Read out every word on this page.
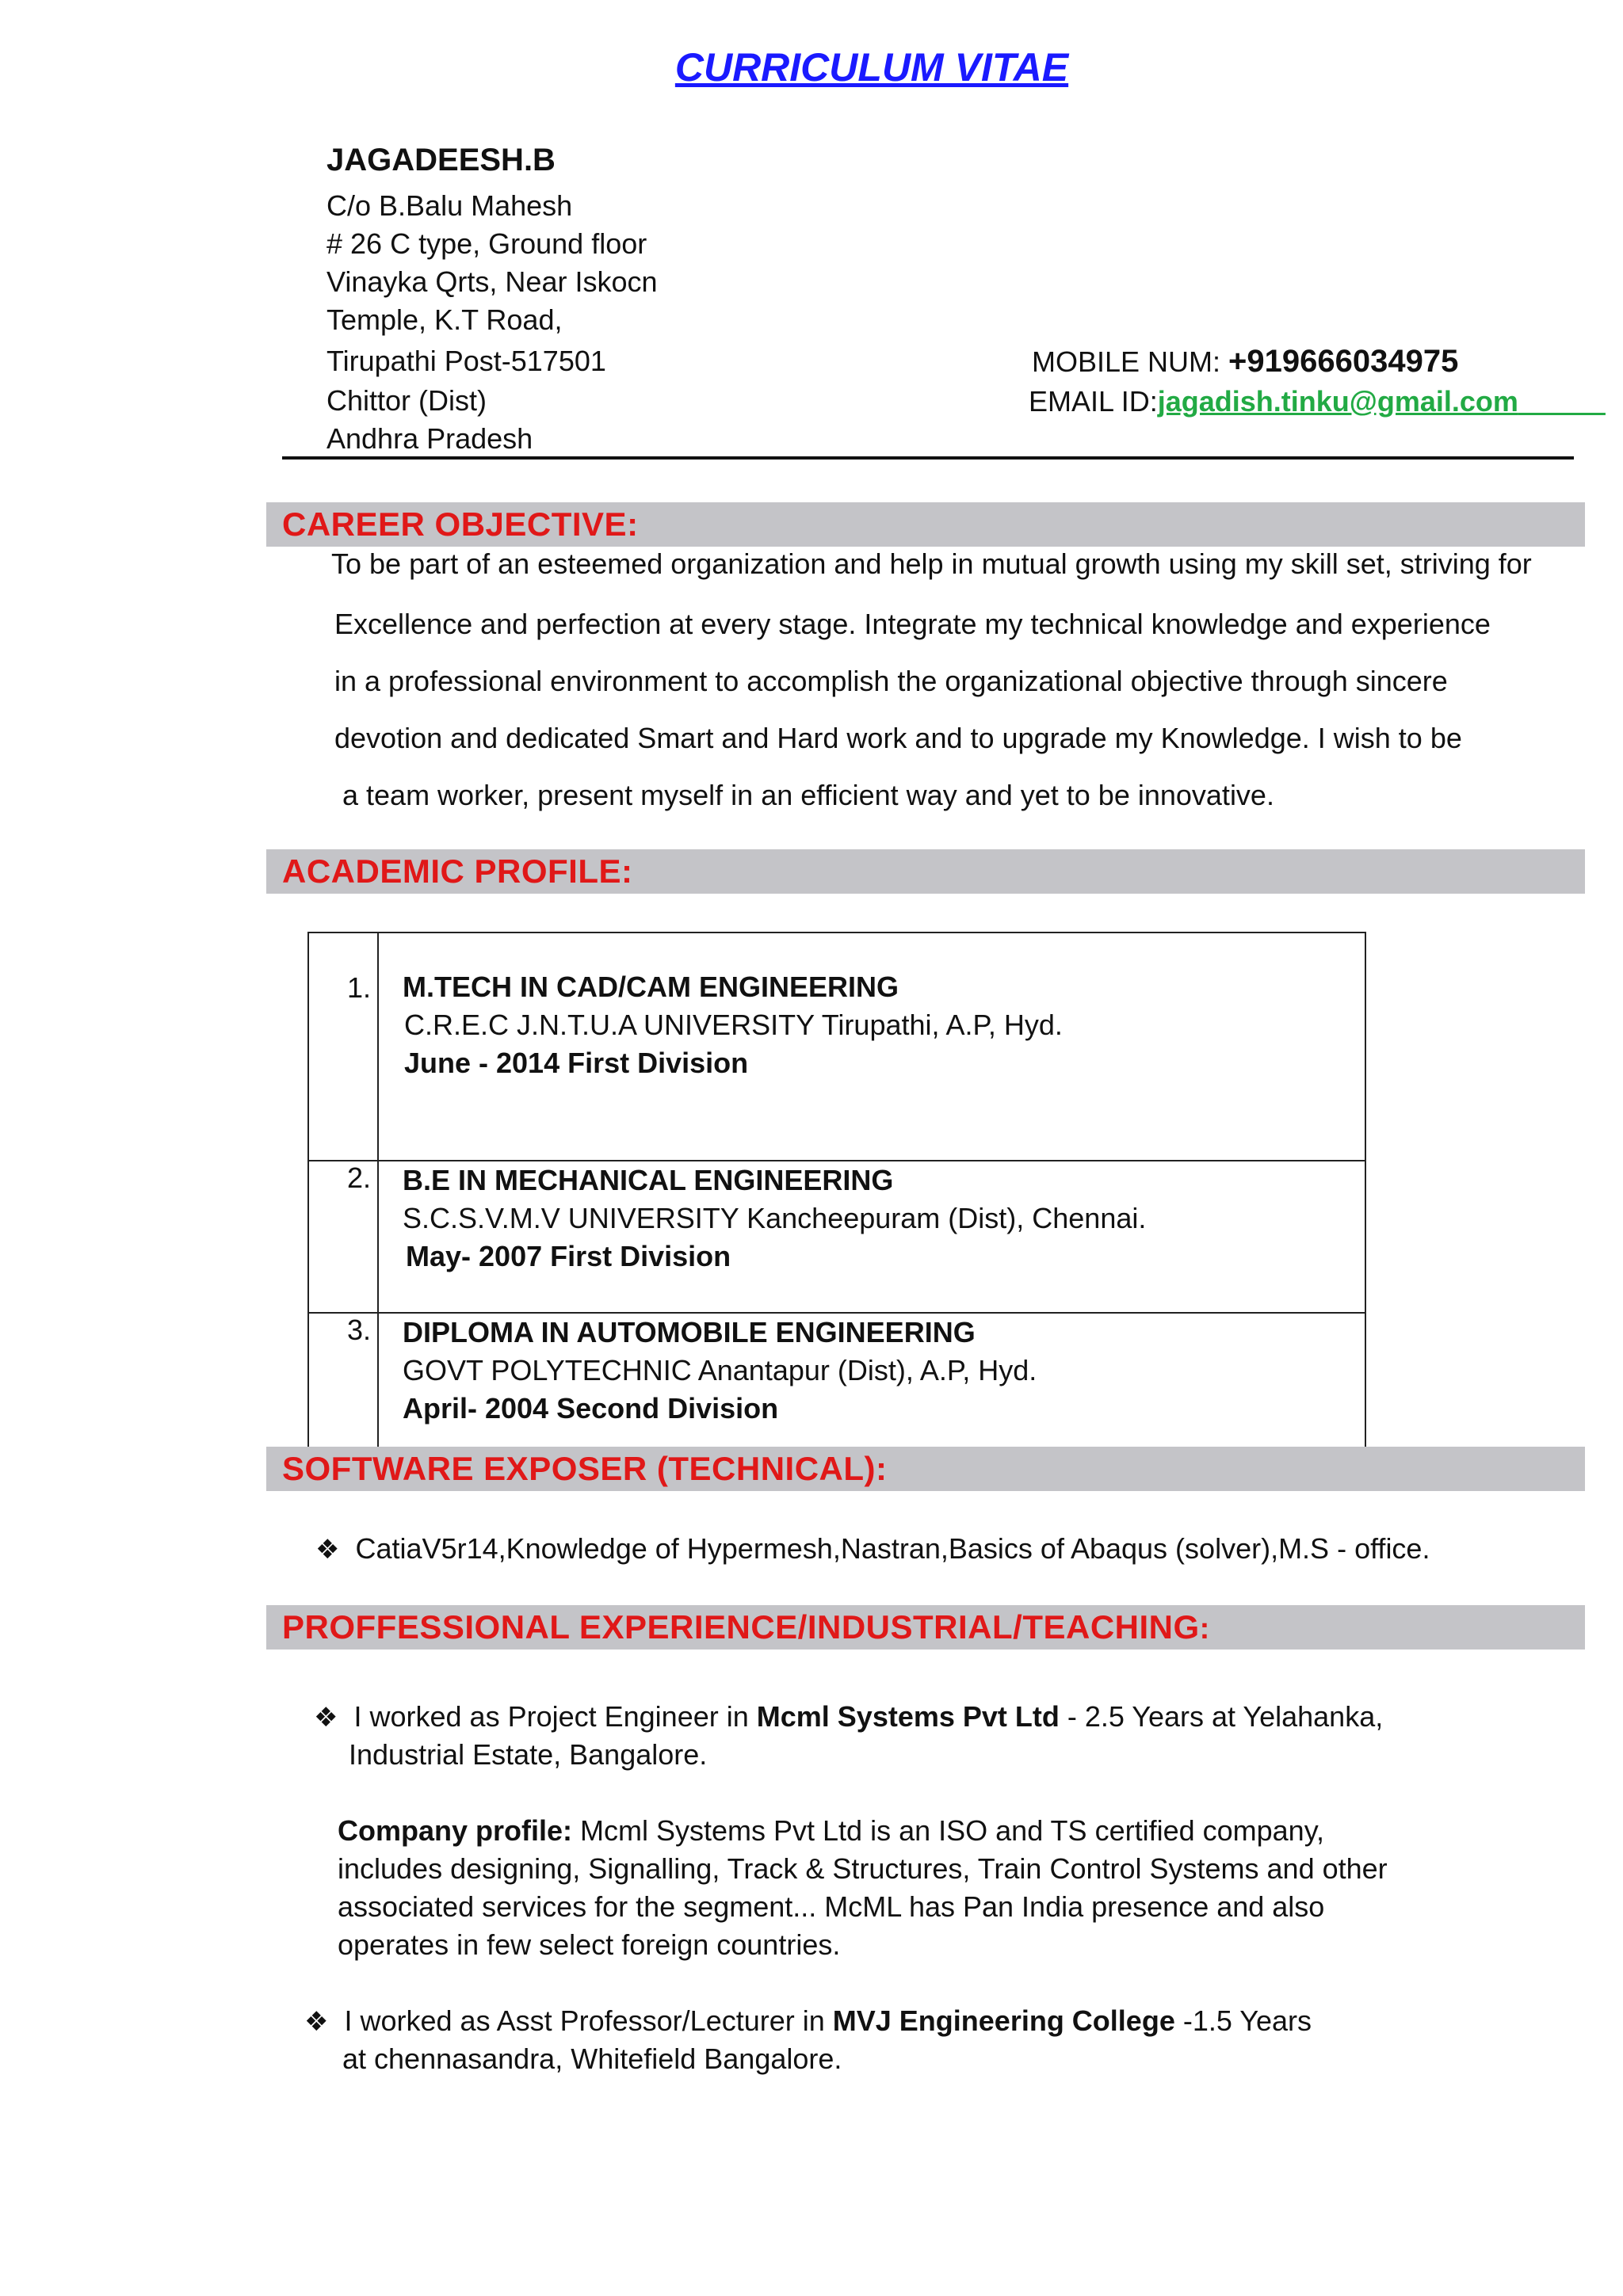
CURRICULUM VITAE
JAGADEESH.B
C/o B.Balu Mahesh
# 26 C type, Ground floor
Vinayka Qrts, Near Iskocn
Temple, K.T Road,
Tirupathi Post-517501
Chittor (Dist)
Andhra Pradesh
MOBILE NUM: +919666034975
EMAIL ID:jagadish.tinku@gmail.com
CAREER OBJECTIVE:
To be part of an esteemed organization and help in mutual growth using my skill set, striving for
Excellence and perfection at every stage. Integrate my technical knowledge and experience
in a professional environment to accomplish the organizational objective through sincere
devotion and dedicated Smart and Hard work and to upgrade my Knowledge. I wish to be
a team worker, present myself in an efficient way and yet to be innovative.
ACADEMIC PROFILE:
1.	M.TECH IN CAD/CAM ENGINEERING
C.R.E.C J.N.T.U.A UNIVERSITY Tirupathi, A.P, Hyd.
June - 2014 First Division

2.	B.E IN MECHANICAL ENGINEERING
S.C.S.V.M.V UNIVERSITY Kancheepuram (Dist), Chennai.
May- 2007 First Division

3.	DIPLOMA IN AUTOMOBILE ENGINEERING
GOVT POLYTECHNIC Anantapur (Dist), A.P, Hyd.
April- 2004 Second Division
SOFTWARE EXPOSER (TECHNICAL):
❖ CatiaV5r14,Knowledge of Hypermesh,Nastran,Basics of Abaqus (solver),M.S - office.
PROFFESSIONAL EXPERIENCE/INDUSTRIAL/TEACHING:
❖ I worked as Project Engineer in Mcml Systems Pvt Ltd - 2.5 Years at Yelahanka,
Industrial Estate, Bangalore.
Company profile: Mcml Systems Pvt Ltd is an ISO and TS certified company,
includes designing, Signalling, Track & Structures, Train Control Systems and other
associated services for the segment... McML has Pan India presence and also
operates in few select foreign countries.
❖ I worked as Asst Professor/Lecturer in MVJ Engineering College -1.5 Years
at chennasandra, Whitefield Bangalore.
